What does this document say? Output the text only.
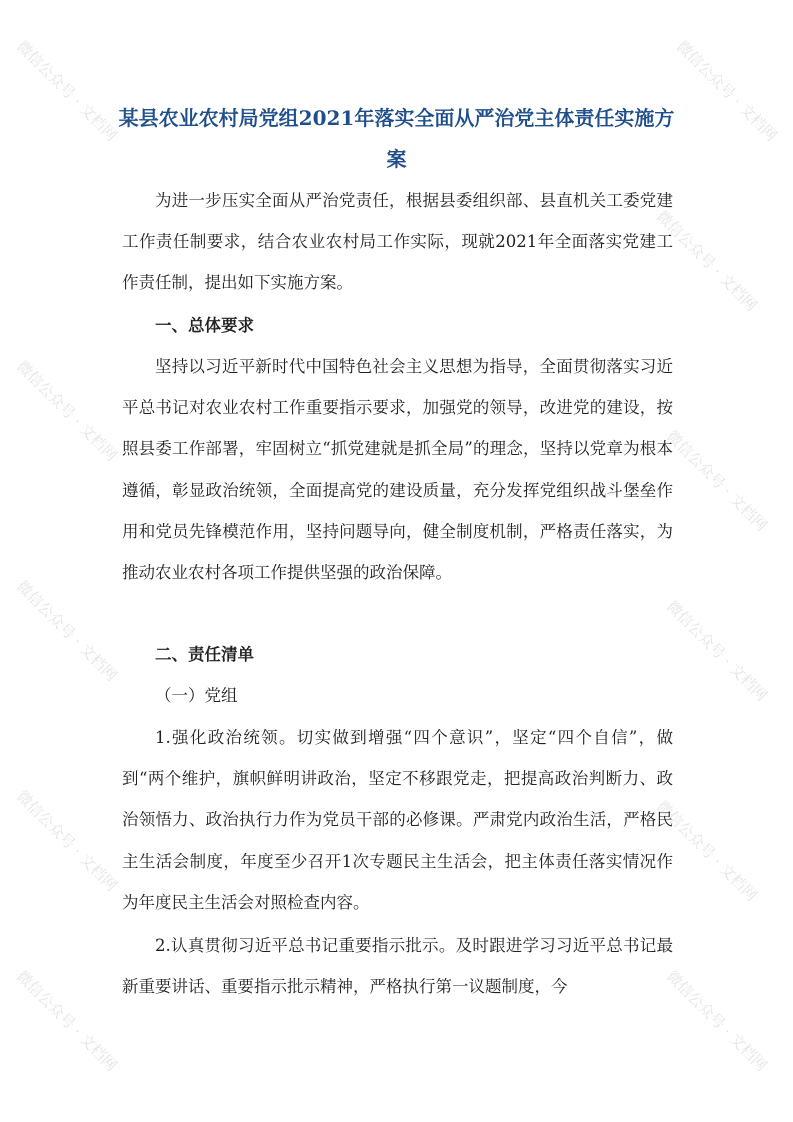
微信公众号 · 文档网	微信公众号 · 文档网
微信公众号 · 文档网
微信公众号 · 文档网
微信公众号 · 文档网
微信公众号 · 文档网	微信公众号 · 文档网
微信公众号 · 文档网	微信公众号 · 文档网
微信公众号 · 文档网	微信公众号 · 文档网
某县农业农村局党组2021年落实全面从严治党主体责任实施方案

为进一步压实全面从严治党责任，根据县委组织部、县直机关工委党建工作责任制要求，结合农业农村局工作实际，现就2021年全面落实党建工作责任制，提出如下实施方案。

一、总体要求

坚持以习近平新时代中国特色社会主义思想为指导，全面贯彻落实习近平总书记对农业农村工作重要指示要求，加强党的领导，改进党的建设，按照县委工作部署，牢固树立“抓党建就是抓全局”的理念，坚持以党章为根本遵循，彰显政治统领，全面提高党的建设质量，充分发挥党组织战斗堡垒作用和党员先锋模范作用，坚持问题导向，健全制度机制，严格责任落实，为推动农业农村各项工作提供坚强的政治保障。

二、责任清单

（一）党组

1.强化政治统领。切实做到增强“四个意识”，坚定“四个自信”，做到“两个维护，旗帜鲜明讲政治，坚定不移跟党走，把提高政治判断力、政治领悟力、政治执行力作为党员干部的必修课。严肃党内政治生活，严格民主生活会制度，年度至少召开1次专题民主生活会，把主体责任落实情况作为年度民主生活会对照检查内容。

2.认真贯彻习近平总书记重要指示批示。及时跟进学习习近平总书记最新重要讲话、重要指示批示精神，严格执行第一议题制度，今
